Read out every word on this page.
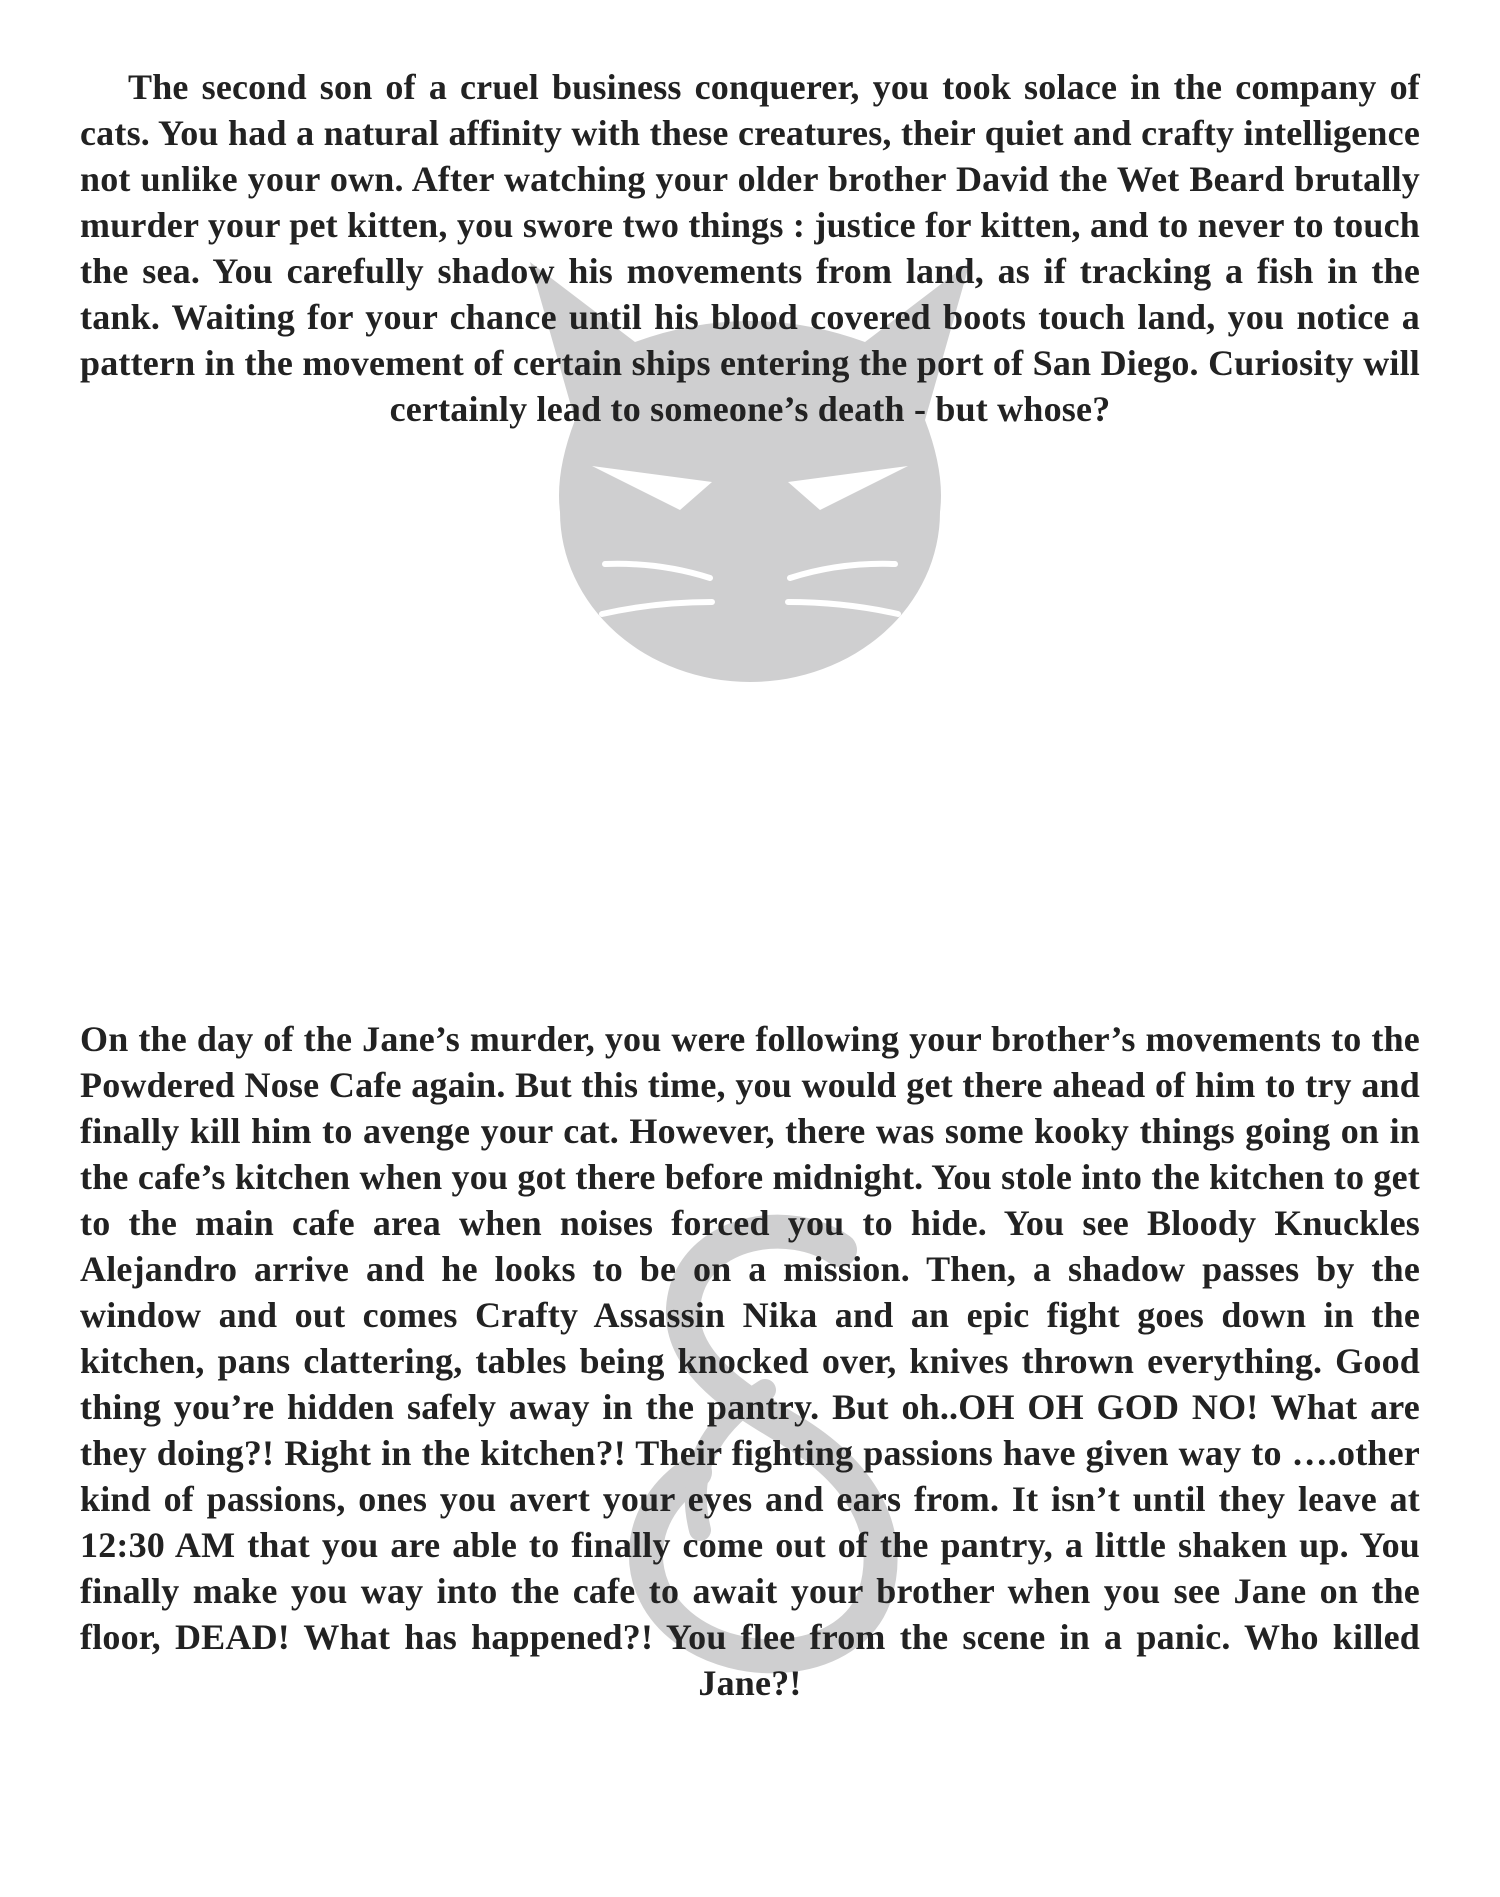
The second son of a cruel business conquerer, you took solace in the company of cats. You had a natural affinity with these creatures, their quiet and crafty intelligence not unlike your own. After watching your older brother David the Wet Beard brutally murder your pet kitten, you swore two things : justice for kitten, and to never to touch the sea. You carefully shadow his movements from land, as if tracking a fish in the tank. Waiting for your chance until his blood covered boots touch land, you notice a pattern in the movement of certain ships entering the port of San Diego. Curiosity will certainly lead to someone’s death - but whose?

On the day of the Jane’s murder, you were following your brother’s movements to the Powdered Nose Cafe again. But this time, you would get there ahead of him to try and finally kill him to avenge your cat. However, there was some kooky things going on in the cafe’s kitchen when you got there before midnight. You stole into the kitchen to get to the main cafe area when noises forced you to hide. You see Bloody Knuckles Alejandro arrive and he looks to be on a mission. Then, a shadow passes by the window and out comes Crafty Assassin Nika and an epic fight goes down in the kitchen, pans clattering, tables being knocked over, knives thrown everything. Good thing you’re hidden safely away in the pantry. But oh..OH OH GOD NO! What are they doing?! Right in the kitchen?! Their fighting passions have given way to ….other kind of passions, ones you avert your eyes and ears from. It isn’t until they leave at 12:30 AM that you are able to finally come out of the pantry, a little shaken up. You finally make you way into the cafe to await your brother when you see Jane on the floor, DEAD! What has happened?! You flee from the scene in a panic. Who killed Jane?!
